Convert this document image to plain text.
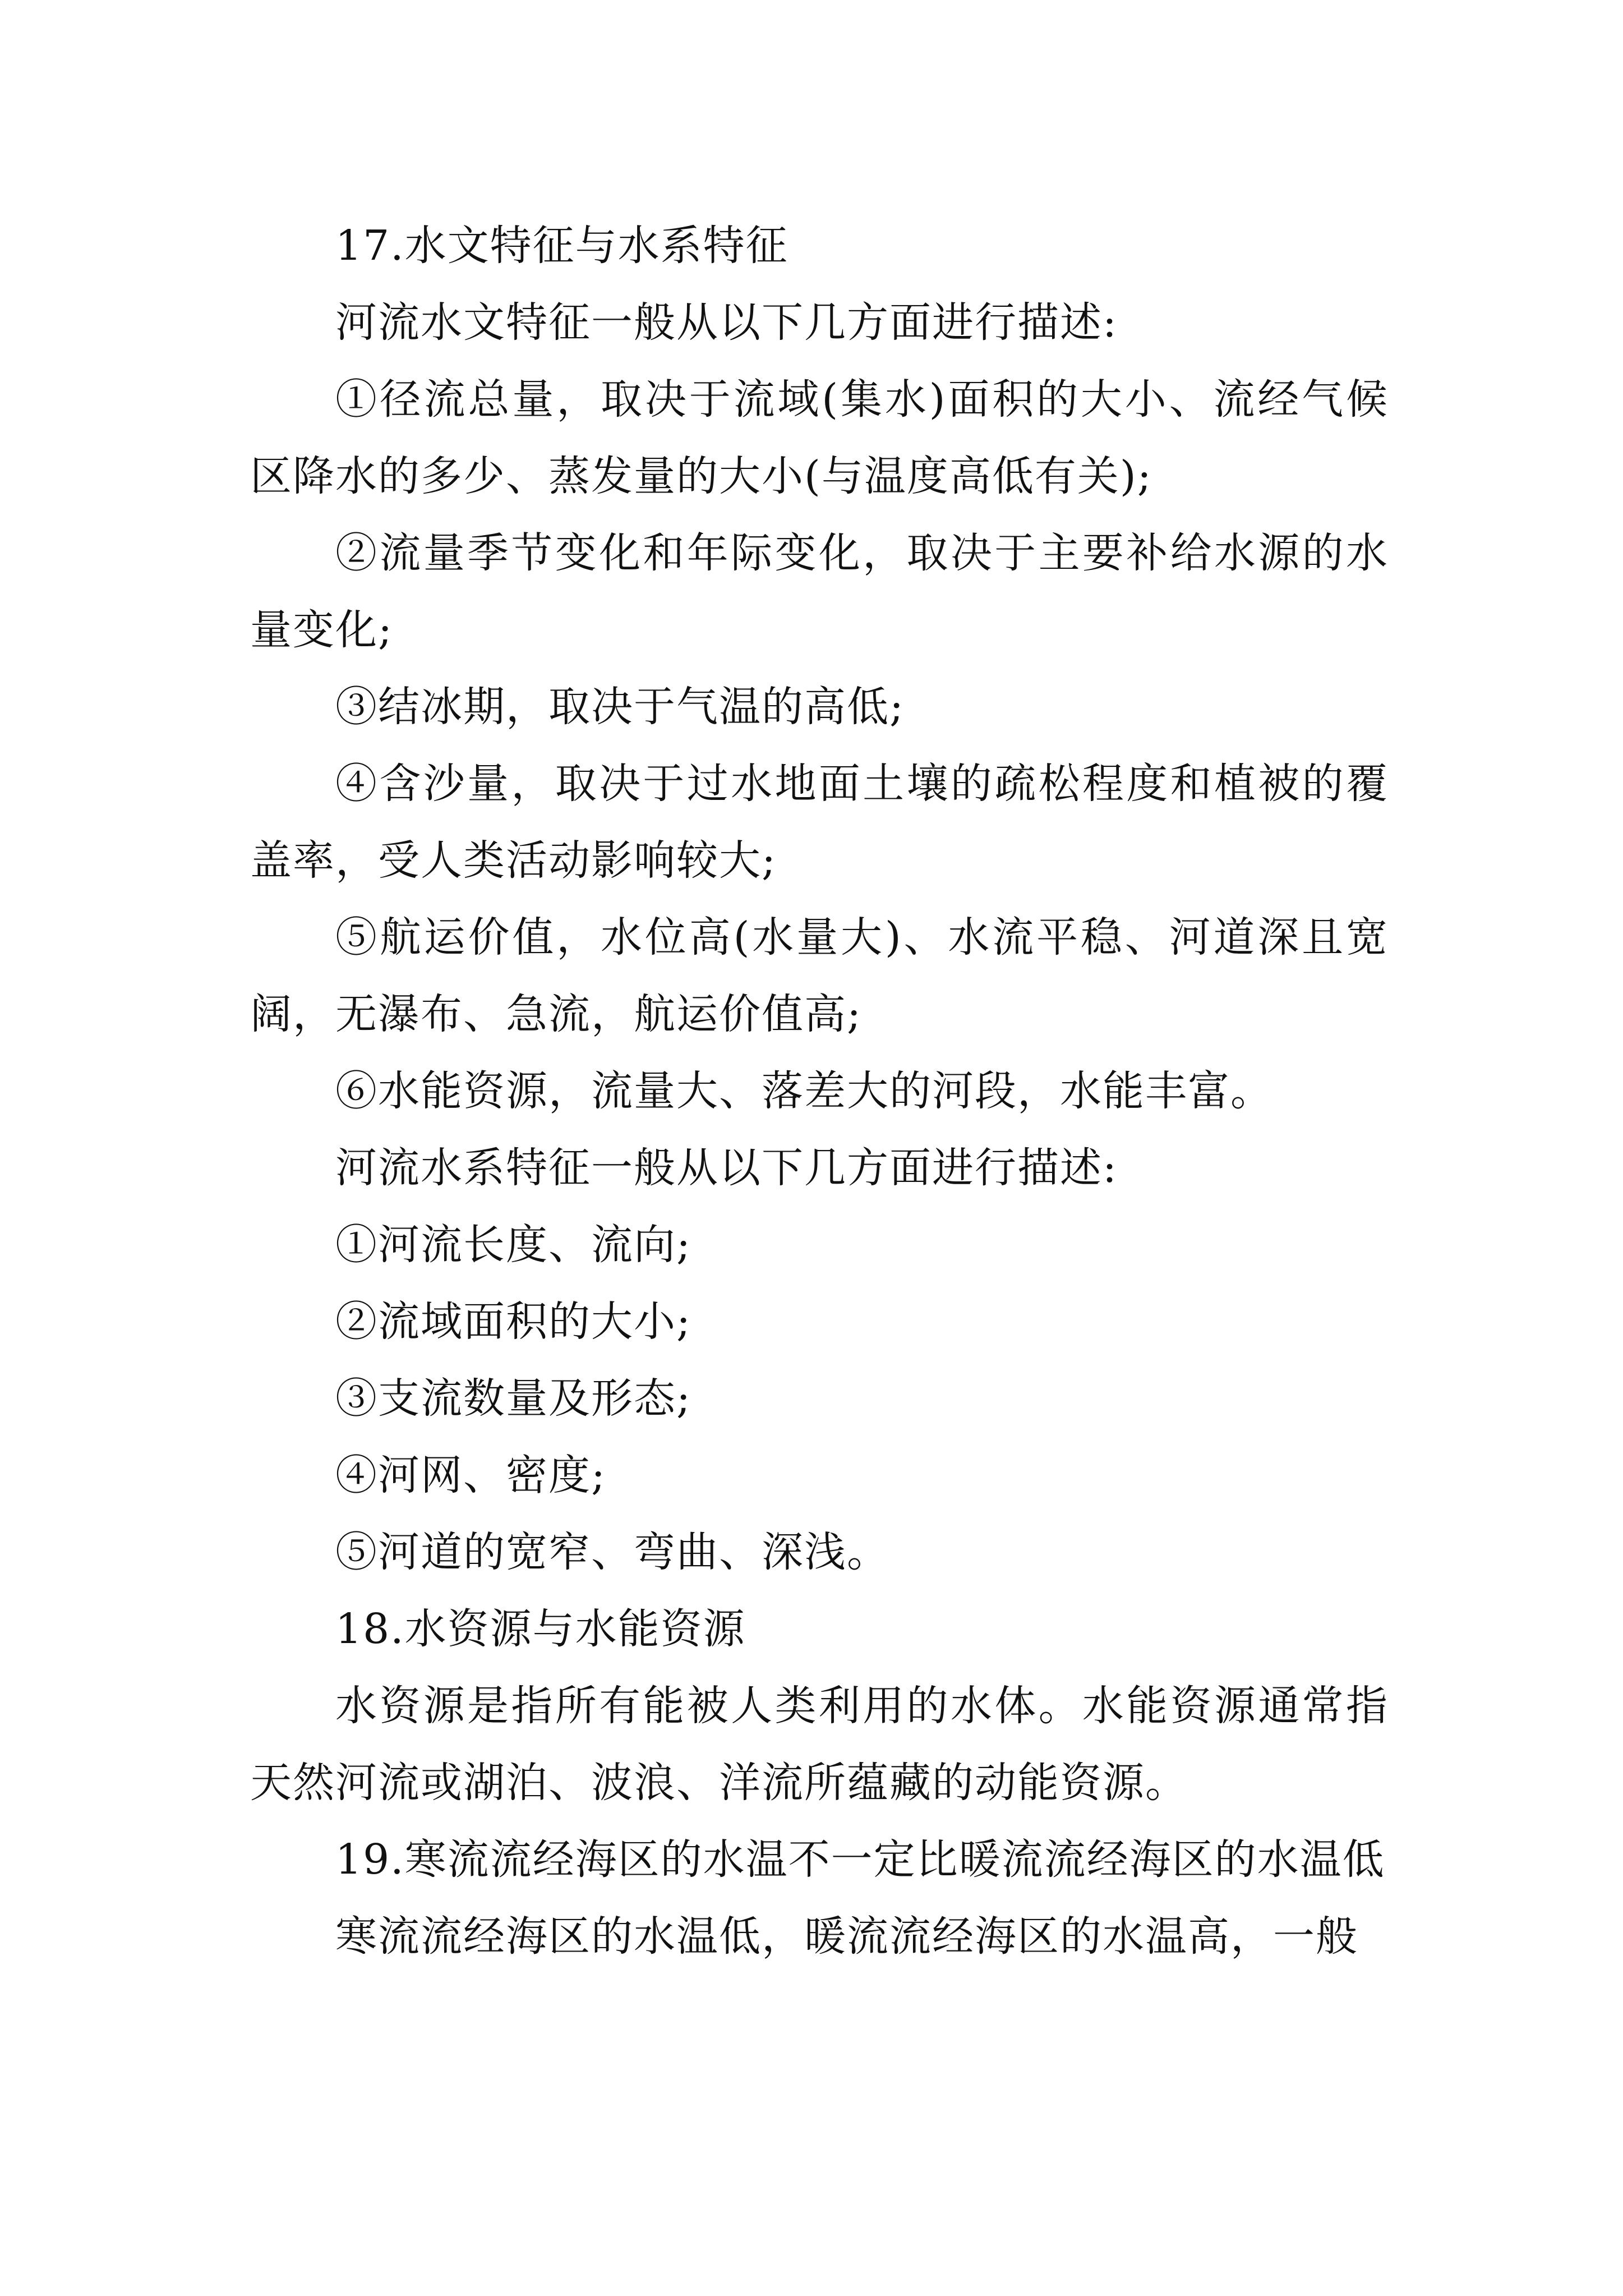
17.水文特征与水系特征

河流水文特征一般从以下几方面进行描述:

①径流总量，取决于流域(集水)面积的大小、流经气候区降水的多少、蒸发量的大小(与温度高低有关);

②流量季节变化和年际变化，取决于主要补给水源的水量变化;

③结冰期，取决于气温的高低;

④含沙量，取决于过水地面土壤的疏松程度和植被的覆盖率，受人类活动影响较大;

⑤航运价值，水位高(水量大)、水流平稳、河道深且宽阔，无瀑布、急流，航运价值高;

⑥水能资源，流量大、落差大的河段，水能丰富。

河流水系特征一般从以下几方面进行描述:

①河流长度、流向;

②流域面积的大小;

③支流数量及形态;

④河网、密度;

⑤河道的宽窄、弯曲、深浅。

18.水资源与水能资源

水资源是指所有能被人类利用的水体。水能资源通常指天然河流或湖泊、波浪、洋流所蕴藏的动能资源。

19.寒流流经海区的水温不一定比暖流流经海区的水温低

寒流流经海区的水温低，暖流流经海区的水温高，一般
